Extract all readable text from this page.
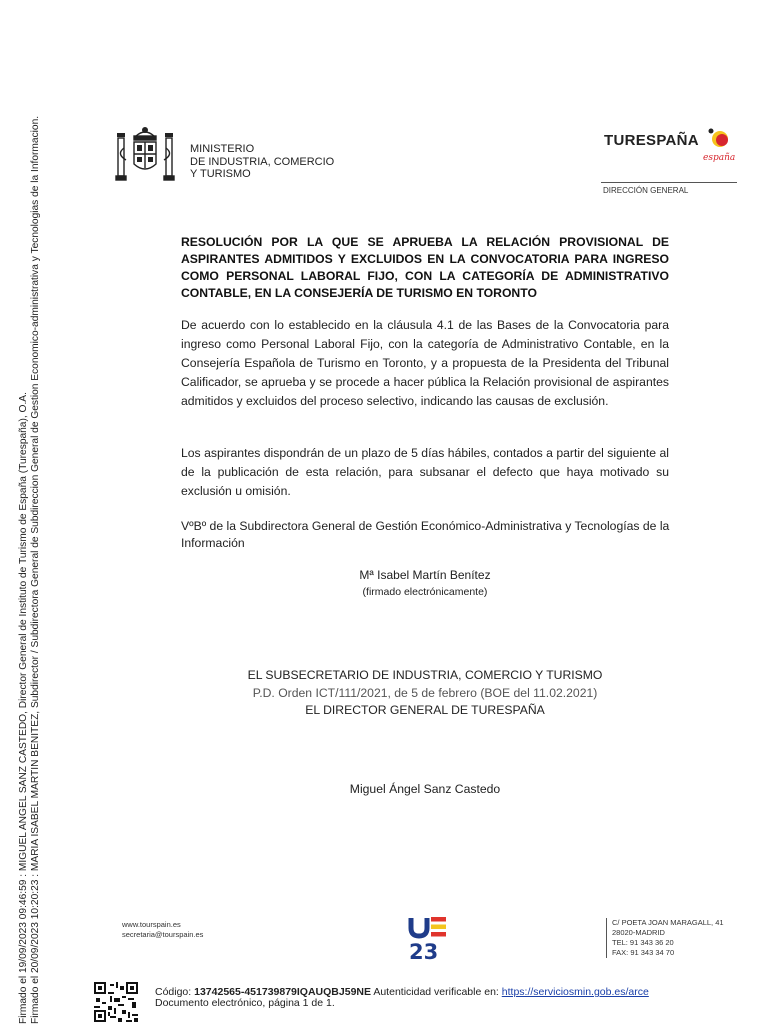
Firmado el 19/09/2023 09:46:59 : MIGUEL ANGEL SANZ CASTEDO, Director General de Instituto de Turismo de España (Turespaña), O.A. Firmado el 20/09/2023 10:20:23 : MARIA ISABEL MARTIN BENITEZ, Subdirector / Subdirectora General de Subdireccion General de Gestion Economico-administrativa y Tecnologias de la Informacion.	MINISTERIO
DE INDUSTRIA, COMERCIO
Y TURISMO
TURESPAÑA
españa
DIRECCIÓN GENERAL
RESOLUCIÓN POR LA QUE SE APRUEBA LA RELACIÓN PROVISIONAL DE ASPIRANTES ADMITIDOS Y EXCLUIDOS EN LA CONVOCATORIA PARA INGRESO COMO PERSONAL LABORAL FIJO, CON LA CATEGORÍA DE ADMINISTRATIVO CONTABLE, EN LA CONSEJERÍA DE TURISMO EN TORONTO
De acuerdo con lo establecido en la cláusula 4.1 de las Bases de la Convocatoria para ingreso como Personal Laboral Fijo, con la categoría de Administrativo Contable, en la Consejería Española de Turismo en Toronto, y a propuesta de la Presidenta del Tribunal Calificador, se aprueba y se procede a hacer pública la Relación provisional de aspirantes admitidos y excluidos del proceso selectivo, indicando las causas de exclusión.
Los aspirantes dispondrán de un plazo de 5 días hábiles, contados a partir del siguiente al de la publicación de esta relación, para subsanar el defecto que haya motivado su exclusión u omisión.
VºBº de la Subdirectora General de Gestión Económico-Administrativa y Tecnologías de la Información
Mª Isabel Martín Benítez
(firmado electrónicamente)
EL SUBSECRETARIO DE INDUSTRIA, COMERCIO Y TURISMO
P.D. Orden ICT/111/2021, de 5 de febrero (BOE del 11.02.2021)
EL DIRECTOR GENERAL DE TURESPAÑA
Miguel Ángel Sanz Castedo
www.tourspain.es
secretaria@tourspain.es
23
C/ POETA JOAN MARAGALL, 41
28020-MADRID
TEL: 91 343 36 20
FAX: 91 343 34 70
Código: 13742565-451739879IQAUQBJ59NE Autenticidad verificable en: https://serviciosmin.gob.es/arce
Documento electrónico, página 1 de 1.
